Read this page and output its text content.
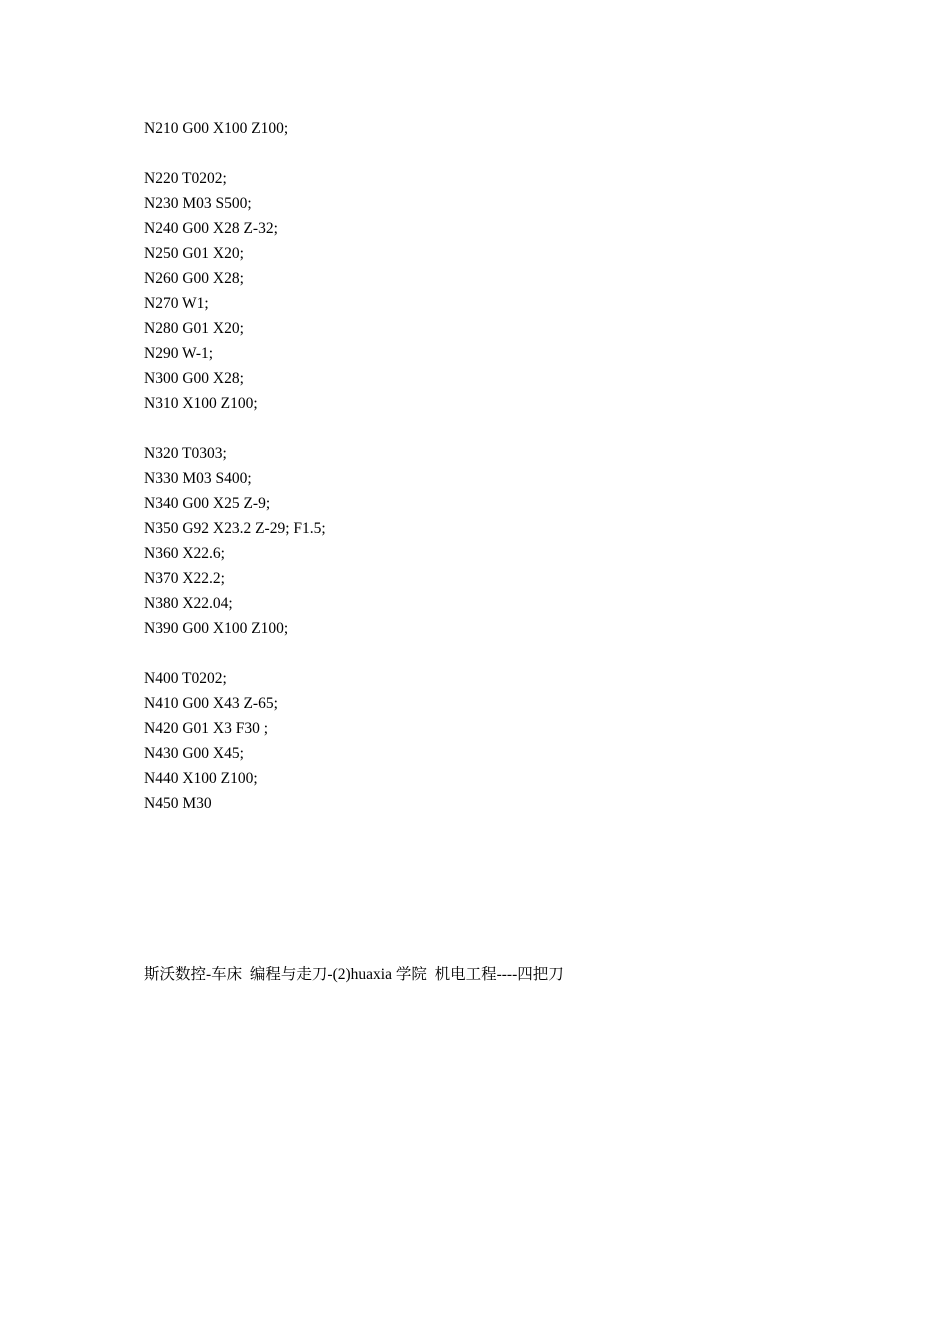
N210 G00 X100 Z100;
N220 T0202;
N230 M03 S500;
N240 G00 X28 Z-32;
N250 G01 X20;
N260 G00 X28;
N270 W1;
N280 G01 X20;
N290 W-1;
N300 G00 X28;
N310 X100 Z100;
N320 T0303;
N330 M03 S400;
N340 G00 X25 Z-9;
N350 G92 X23.2 Z-29; F1.5;
N360 X22.6;
N370 X22.2;
N380 X22.04;
N390 G00 X100 Z100;
N400 T0202;
N410 G00 X43 Z-65;
N420 G01 X3 F30 ;
N430 G00 X45;
N440 X100 Z100;
N450 M30
斯沃数控-车床  编程与走刀-(2)huaxia 学院  机电工程----四把刀
